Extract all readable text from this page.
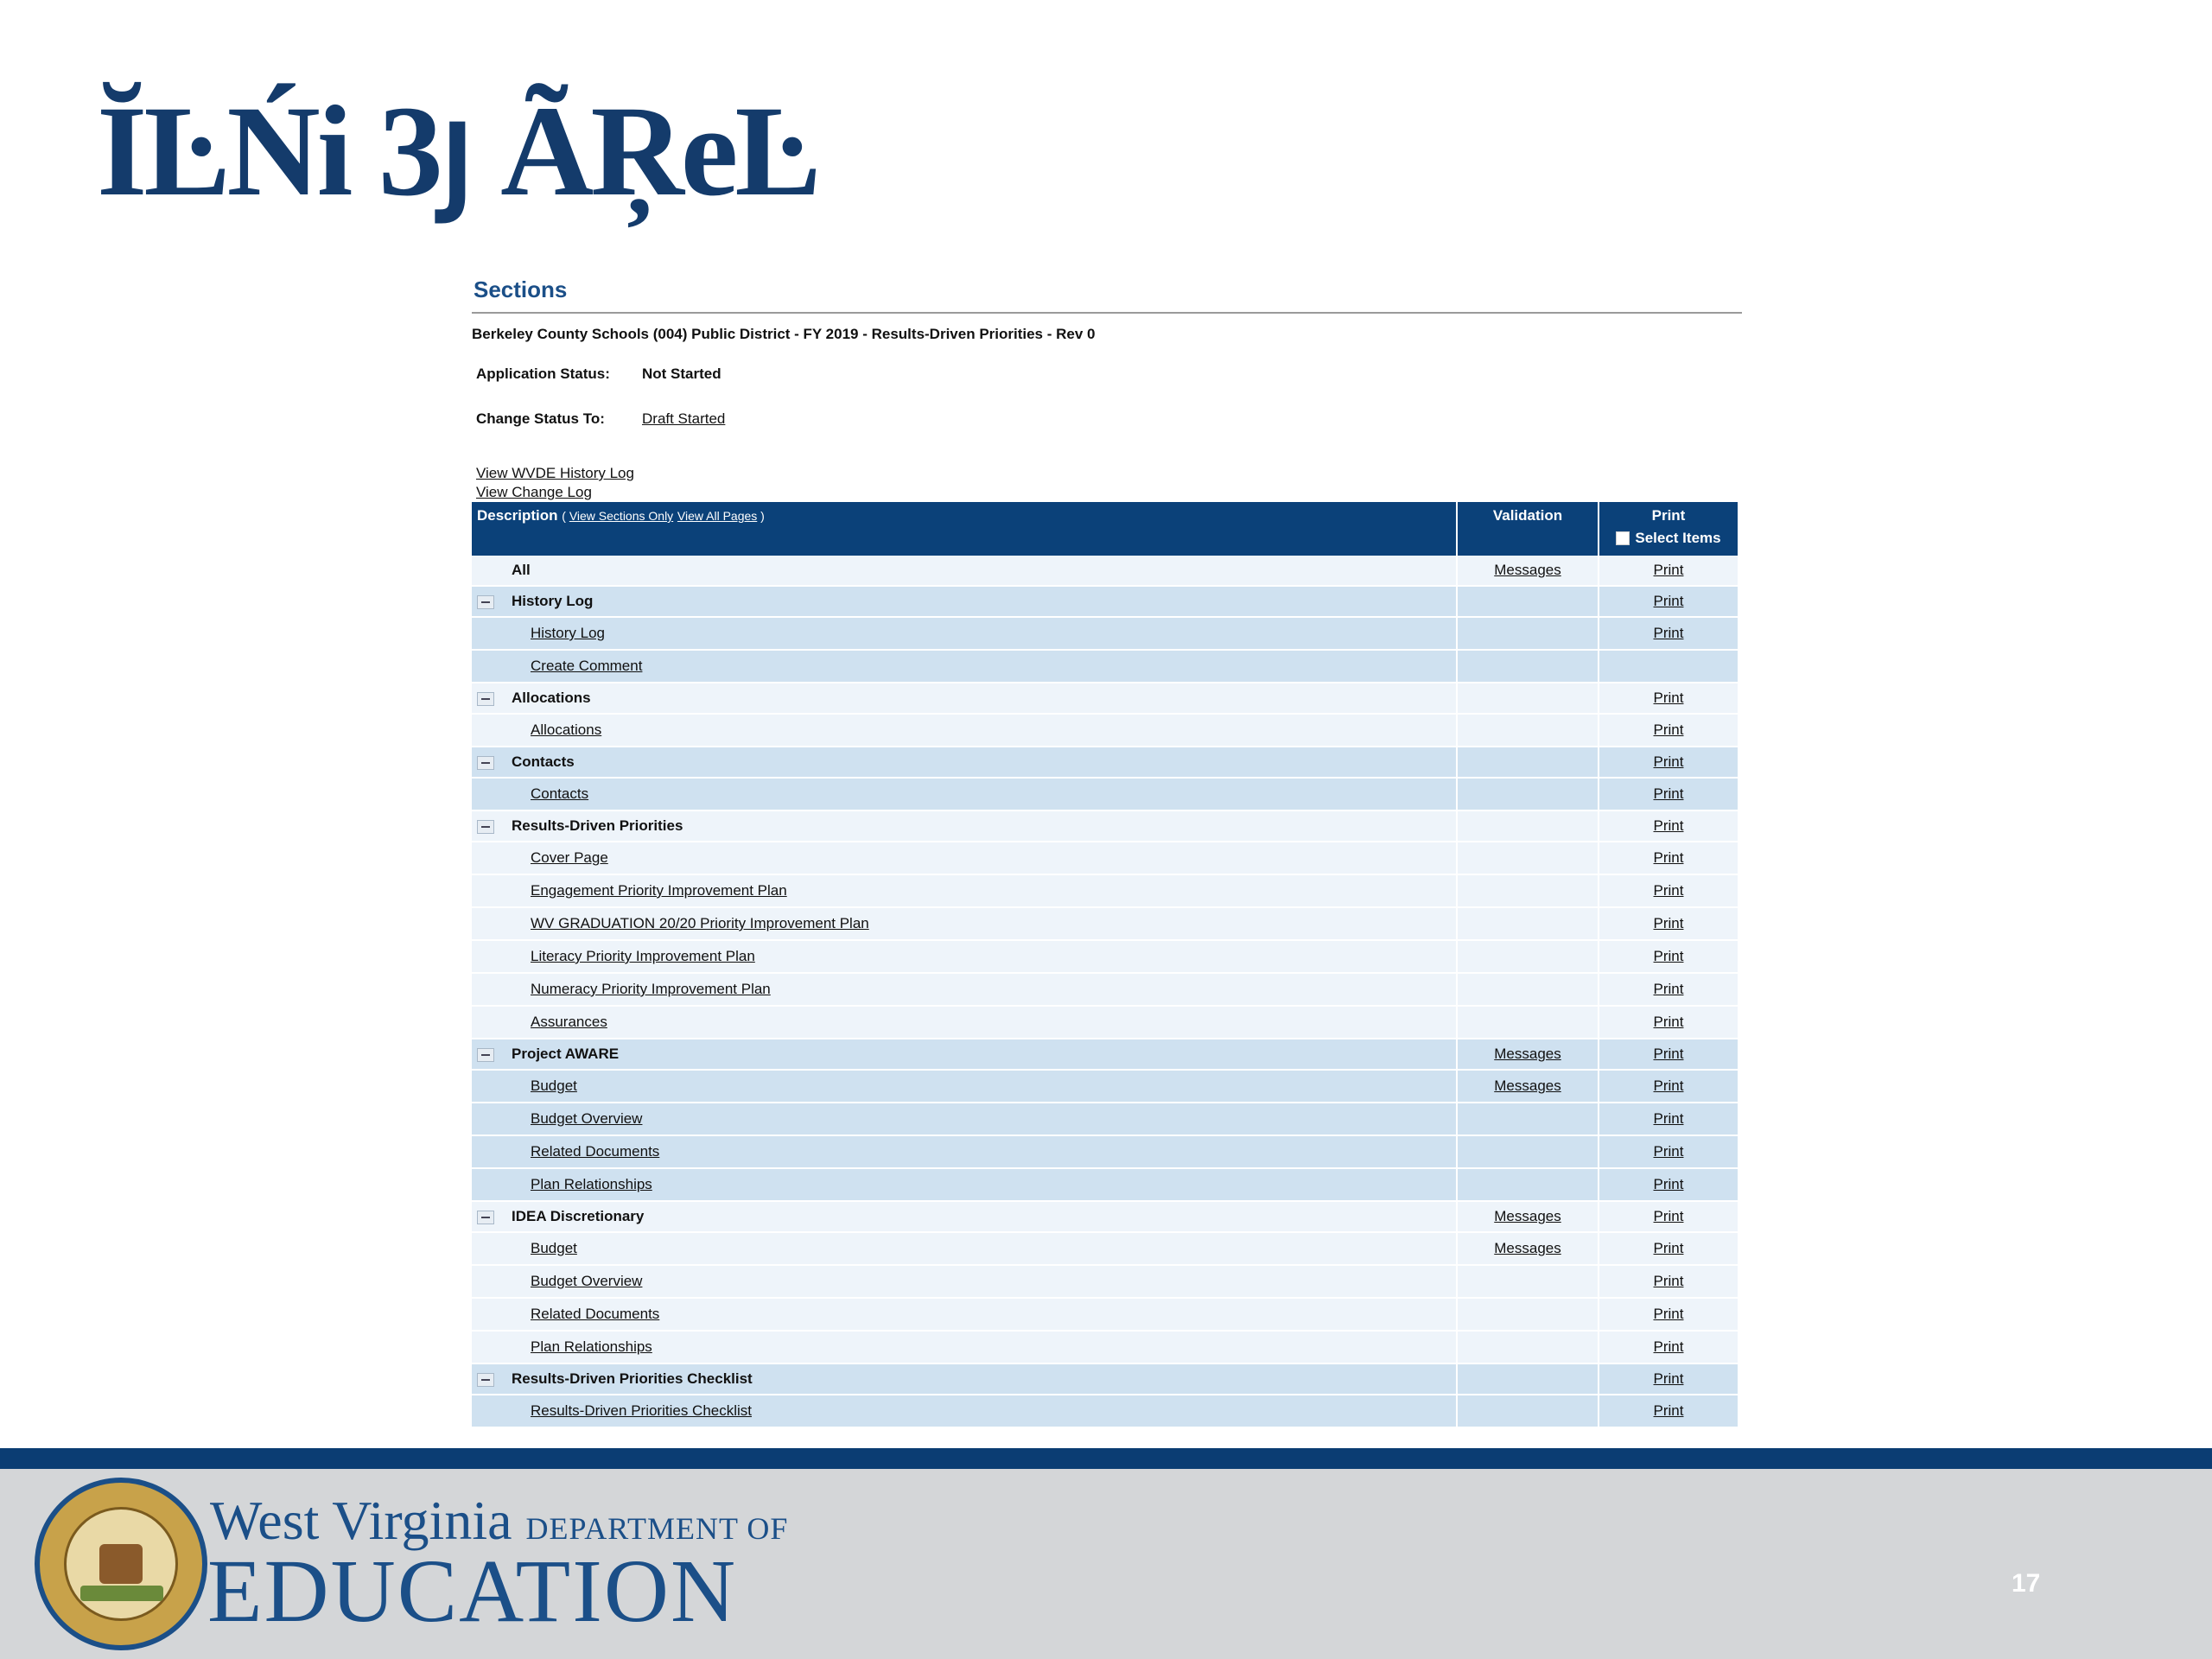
ĬĿŃi 3յ ÃŖeĿ
Sections
Berkeley County Schools (004) Public District - FY 2019 - Results-Driven Priorities - Rev 0
Application Status:	Not Started
Change Status To:	Draft Started
View WVDE History Log
View Change Log
Description ( View Sections Only View All Pages )	Validation	Print
Select Items

All	Messages	Print
History Log		Print
History Log		Print
Create Comment		
Allocations		Print
Allocations		Print
Contacts		Print
Contacts		Print
Results-Driven Priorities		Print
Cover Page		Print
Engagement Priority Improvement Plan		Print
WV GRADUATION 20/20 Priority Improvement Plan		Print
Literacy Priority Improvement Plan		Print
Numeracy Priority Improvement Plan		Print
Assurances		Print
Project AWARE	Messages	Print
Budget	Messages	Print
Budget Overview		Print
Related Documents		Print
Plan Relationships		Print
IDEA Discretionary	Messages	Print
Budget	Messages	Print
Budget Overview		Print
Related Documents		Print
Plan Relationships		Print
Results-Driven Priorities Checklist		Print
Results-Driven Priorities Checklist		Print
West Virginia DEPARTMENT OF
EDUCATION	17
